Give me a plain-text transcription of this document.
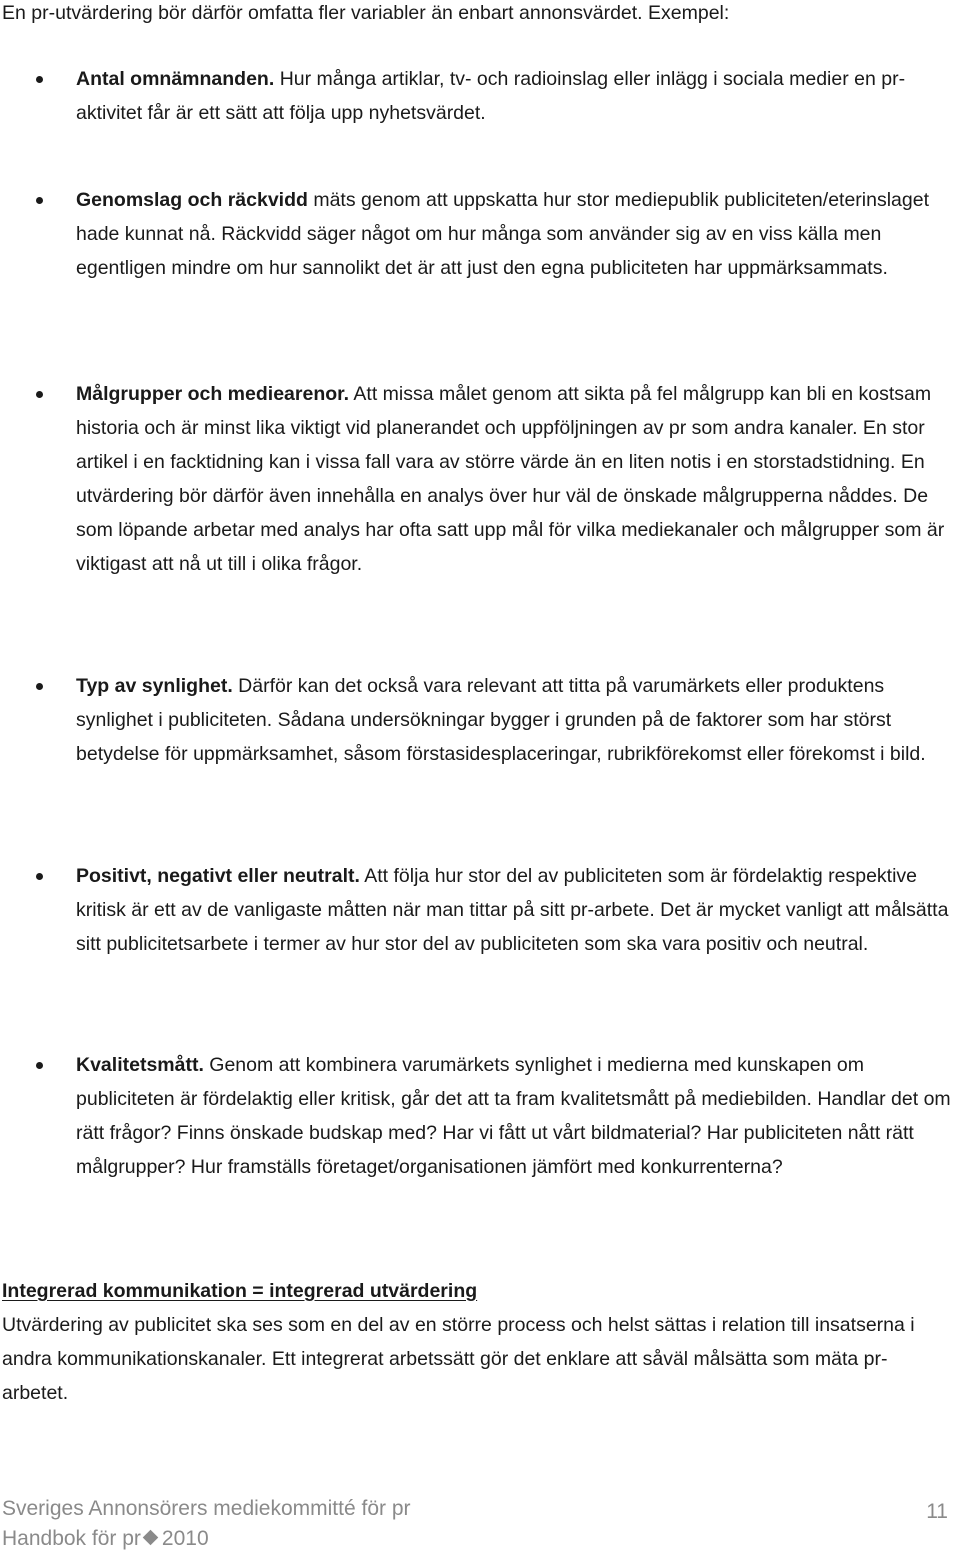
En pr-utvärdering bör därför omfatta fler variabler än enbart annonsvärdet. Exempel:

Antal omnämnanden. Hur många artiklar, tv- och radioinslag eller inlägg i sociala medier en pr-aktivitet får är ett sätt att följa upp nyhetsvärdet.

Genomslag och räckvidd mäts genom att uppskatta hur stor mediepublik publiciteten/eterinslaget hade kunnat nå. Räckvidd säger något om hur många som använder sig av en viss källa men egentligen mindre om hur sannolikt det är att just den egna publiciteten har uppmärksammats.

Målgrupper och mediearenor. Att missa målet genom att sikta på fel målgrupp kan bli en kostsam historia och är minst lika viktigt vid planerandet och uppföljningen av pr som andra kanaler. En stor artikel i en facktidning kan i vissa fall vara av större värde än en liten notis i en storstadstidning. En utvärdering bör därför även innehålla en analys över hur väl de önskade målgrupperna nåddes. De som löpande arbetar med analys har ofta satt upp mål för vilka mediekanaler och målgrupper som är viktigast att nå ut till i olika frågor.

Typ av synlighet. Därför kan det också vara relevant att titta på varumärkets eller produktens synlighet i publiciteten. Sådana undersökningar bygger i grunden på de faktorer som har störst betydelse för uppmärksamhet, såsom förstasidesplaceringar, rubrikförekomst eller förekomst i bild.

Positivt, negativt eller neutralt. Att följa hur stor del av publiciteten som är fördelaktig respektive kritisk är ett av de vanligaste måtten när man tittar på sitt pr-arbete. Det är mycket vanligt att målsätta sitt publicitetsarbete i termer av hur stor del av publiciteten som ska vara positiv och neutral.

Kvalitetsmått. Genom att kombinera varumärkets synlighet i medierna med kunskapen om publiciteten är fördelaktig eller kritisk, går det att ta fram kvalitetsmått på mediebilden. Handlar det om rätt frågor? Finns önskade budskap med? Har vi fått ut vårt bildmaterial? Har publiciteten nått rätt målgrupper? Hur framställs företaget/organisationen jämfört med konkurrenterna?

Integrerad kommunikation = integrerad utvärdering

Utvärdering av publicitet ska ses som en del av en större process och helst sättas i relation till insatserna i andra kommunikationskanaler. Ett integrerat arbetssätt gör det enklare att såväl målsätta som mäta pr-arbetet.

Sveriges Annonsörers mediekommitté för pr
Handbok för pr 2010
11
